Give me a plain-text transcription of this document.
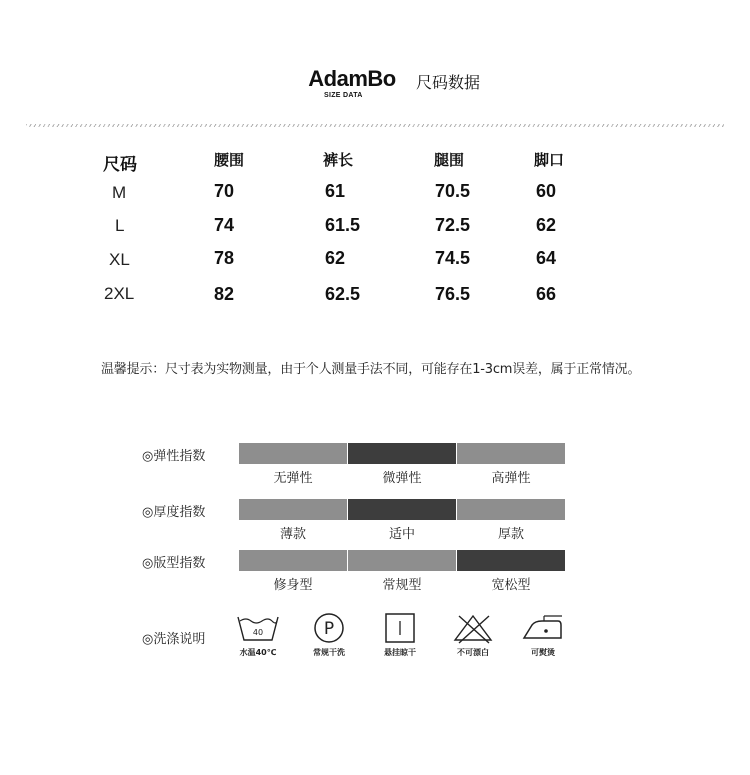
AdamBo
SIZE DATA
尺码数据
尺码	腰围	裤长	腿围	脚口
M	70	61	70.5	60
L	74	61.5	72.5	62
XL	78	62	74.5	64
2XL	82	62.5	76.5	66
温馨提示：尺寸表为实物测量，由于个人测量手法不同，可能存在1-3cm误差，属于正常情况。
◎弹性指数
无弹性	微弹性	高弹性
◎厚度指数
薄款	适中	厚款
◎版型指数
修身型	常规型	宽松型
◎洗涤说明	40
水温40℃
P
常规干洗	悬挂晾干	不可漂白	可熨烫
